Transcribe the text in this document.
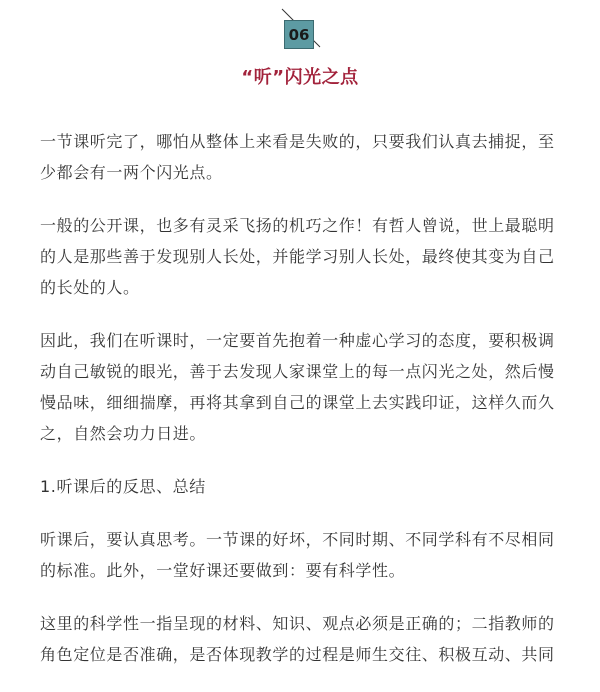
06
“听”闪光之点

一节课听完了，哪怕从整体上来看是失败的，只要我们认真去捕捉，至少都会有一两个闪光点。

一般的公开课，也多有灵采飞扬的机巧之作！有哲人曾说，世上最聪明的人是那些善于发现别人长处，并能学习别人长处，最终使其变为自己的长处的人。

因此，我们在听课时，一定要首先抱着一种虚心学习的态度，要积极调动自己敏锐的眼光，善于去发现人家课堂上的每一点闪光之处，然后慢慢品味，细细揣摩，再将其拿到自己的课堂上去实践印证，这样久而久之，自然会功力日进。

1.听课后的反思、总结

听课后，要认真思考。一节课的好坏，不同时期、不同学科有不尽相同的标准。此外，一堂好课还要做到：要有科学性。

这里的科学性一指呈现的材料、知识、观点必须是正确的；二指教师的角色定位是否准确，是否体现教学的过程是师生交往、积极互动、共同
